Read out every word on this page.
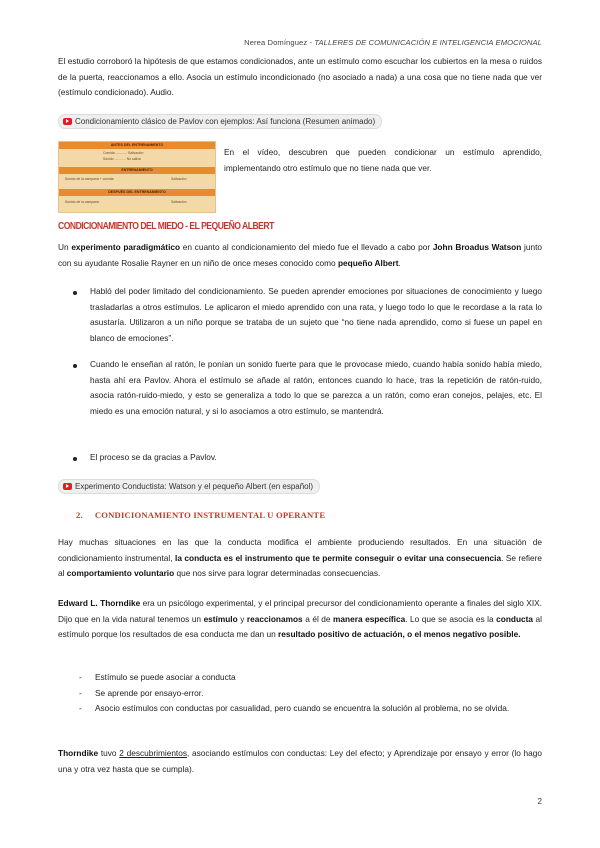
Nerea Domínguez - TALLERES DE COMUNICACIÓN E INTELIGENCIA EMOCIONAL
El estudio corroboró la hipótesis de que estamos condicionados, ante un estímulo como escuchar los cubiertos en la mesa o ruidos de la puerta, reaccionamos a ello. Asocia un estímulo incondicionado (no asociado a nada) a una cosa que no tiene nada que ver (estímulo condicionado). Audio.
Condicionamiento clásico de Pavlov con ejemplos: Así funciona (Resumen animado)
ANTES DEL ENTRENAMIENTO
Comida ............ Salivación
Sonido ............ No saliva
ENTRENAMIENTO
Sonido de la campana + comida	Salivación
DESPUÉS DEL ENTRENAMIENTO
Sonido de la campana	Salivación
En el vídeo, descubren que pueden condicionar un estímulo aprendido, implementando otro estímulo que no tiene nada que ver.
CONDICIONAMIENTO DEL MIEDO - EL PEQUEÑO ALBERT
Un experimento paradigmático en cuanto al condicionamiento del miedo fue el llevado a cabo por John Broadus Watson junto con su ayudante Rosalie Rayner en un niño de once meses conocido como pequeño Albert.
Habló del poder limitado del condicionamiento. Se pueden aprender emociones por situaciones de conocimiento y luego trasladarlas a otros estímulos. Le aplicaron el miedo aprendido con una rata, y luego todo lo que le recordase a la rata lo asustaría. Utilizaron a un niño porque se trataba de un sujeto que “no tiene nada aprendido, como si fuese un papel en blanco de emociones”.
Cuando le enseñan al ratón, le ponían un sonido fuerte para que le provocase miedo, cuando había sonido había miedo, hasta ahí era Pavlov. Ahora el estímulo se añade al ratón, entonces cuando lo hace, tras la repetición de ratón-ruido, asocia ratón-ruido-miedo, y esto se generaliza a todo lo que se parezca a un ratón, como eran conejos, pelajes, etc. El miedo es una emoción natural, y si lo asociamos a otro estímulo, se mantendrá.
El proceso se da gracias a Pavlov.
Experimento Conductista: Watson y el pequeño Albert (en español)
2. CONDICIONAMIENTO INSTRUMENTAL U OPERANTE
Hay muchas situaciones en las que la conducta modifica el ambiente produciendo resultados. En una situación de condicionamiento instrumental, la conducta es el instrumento que te permite conseguir o evitar una consecuencia. Se refiere al comportamiento voluntario que nos sirve para lograr determinadas consecuencias.
Edward L. Thorndike era un psicólogo experimental, y el principal precursor del condicionamiento operante a finales del siglo XIX. Dijo que en la vida natural tenemos un estímulo y reaccionamos a él de manera específica. Lo que se asocia es la conducta al estímulo porque los resultados de esa conducta me dan un resultado positivo de actuación, o el menos negativo posible.
- Estímulo se puede asociar a conducta
- Se aprende por ensayo-error.
- Asocio estímulos con conductas por casualidad, pero cuando se encuentra la solución al problema, no se olvida.
Thorndike tuvo 2 descubrimientos, asociando estímulos con conductas: Ley del efecto; y Aprendizaje por ensayo y error (lo hago una y otra vez hasta que se cumpla).
2
